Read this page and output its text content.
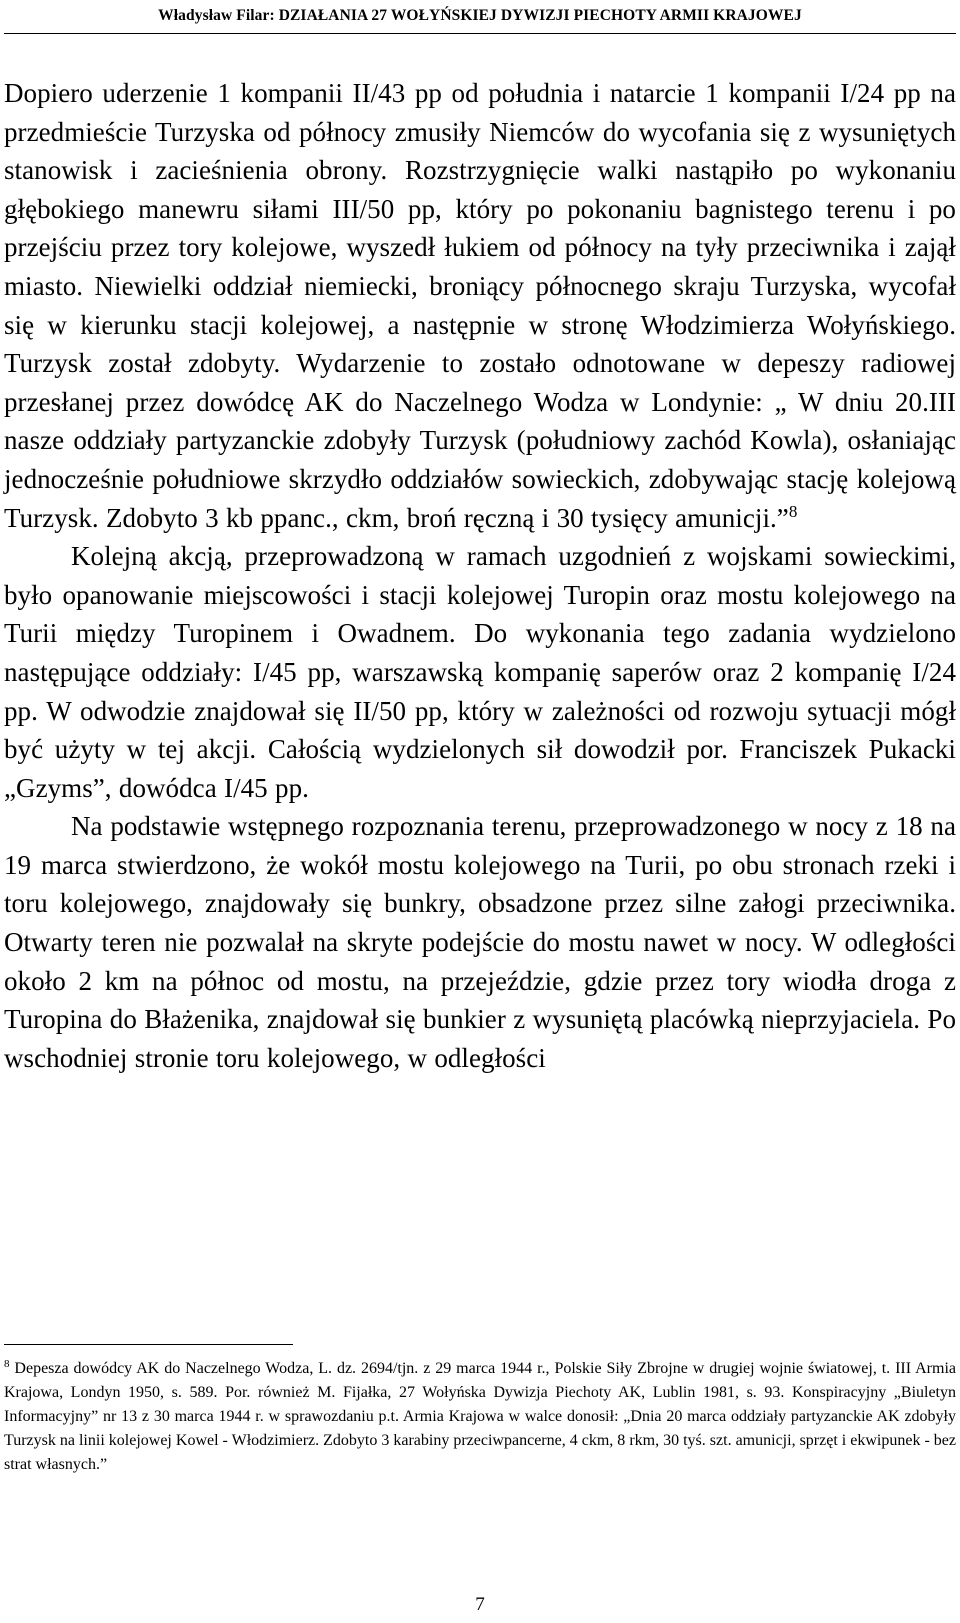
Władysław Filar: DZIAŁANIA 27 WOŁYŃSKIEJ DYWIZJI PIECHOTY ARMII KRAJOWEJ

Dopiero uderzenie 1 kompanii II/43 pp od południa i natarcie 1 kompanii I/24 pp na przedmieście Turzyska od północy zmusiły Niemców do wycofania się z wysuniętych stanowisk i zacieśnienia obrony. Rozstrzygnięcie walki nastąpiło po wykonaniu głębokiego manewru siłami III/50 pp, który po pokonaniu bagnistego terenu i po przejściu przez tory kolejowe, wyszedł łukiem od północy na tyły przeciwnika i zajął miasto. Niewielki oddział niemiecki, broniący północnego skraju Turzyska, wycofał się w kierunku stacji kolejowej, a następnie w stronę Włodzimierza Wołyńskiego. Turzysk został zdobyty. Wydarzenie to zostało odnotowane w depeszy radiowej przesłanej przez dowódcę AK do Naczelnego Wodza w Londynie: „ W dniu 20.III nasze oddziały partyzanckie zdobyły Turzysk (południowy zachód Kowla), osłaniając jednocześnie południowe skrzydło oddziałów sowieckich, zdobywając stację kolejową Turzysk. Zdobyto 3 kb ppanc., ckm, broń ręczną i 30 tysięcy amunicji.”$^8$

Kolejną akcją, przeprowadzoną w ramach uzgodnień z wojskami sowieckimi, było opanowanie miejscowości i stacji kolejowej Turopin oraz mostu kolejowego na Turii między Turopinem i Owadnem. Do wykonania tego zadania wydzielono następujące oddziały: I/45 pp, warszawską kompanię saperów oraz 2 kompanię I/24 pp. W odwodzie znajdował się II/50 pp, który w zależności od rozwoju sytuacji mógł być użyty w tej akcji. Całością wydzielonych sił dowodził por. Franciszek Pukacki „Gzyms”, dowódca I/45 pp.

Na podstawie wstępnego rozpoznania terenu, przeprowadzonego w nocy z 18 na 19 marca stwierdzono, że wokół mostu kolejowego na Turii, po obu stronach rzeki i toru kolejowego, znajdowały się bunkry, obsadzone przez silne załogi przeciwnika. Otwarty teren nie pozwalał na skryte podejście do mostu nawet w nocy. W odległości około 2 km na północ od mostu, na przejeździe, gdzie przez tory wiodła droga z Turopina do Błażenika, znajdował się bunkier z wysuniętą placówką nieprzyjaciela. Po wschodniej stronie toru kolejowego, w odległości

$^8$ Depesza dowódcy AK do Naczelnego Wodza, L. dz. 2694/tjn. z 29 marca 1944 r., Polskie Siły Zbrojne w drugiej wojnie światowej, t. III Armia Krajowa, Londyn 1950, s. 589. Por. również M. Fijałka, 27 Wołyńska Dywizja Piechoty AK, Lublin 1981, s. 93. Konspiracyjny „Biuletyn Informacyjny” nr 13 z 30 marca 1944 r. w sprawozdaniu p.t. Armia Krajowa w walce donosił: „Dnia 20 marca oddziały partyzanckie AK zdobyły Turzysk na linii kolejowej Kowel - Włodzimierz. Zdobyto 3 karabiny przeciwpancerne, 4 ckm, 8 rkm, 30 tyś. szt. amunicji, sprzęt i ekwipunek - bez strat własnych.”

7
